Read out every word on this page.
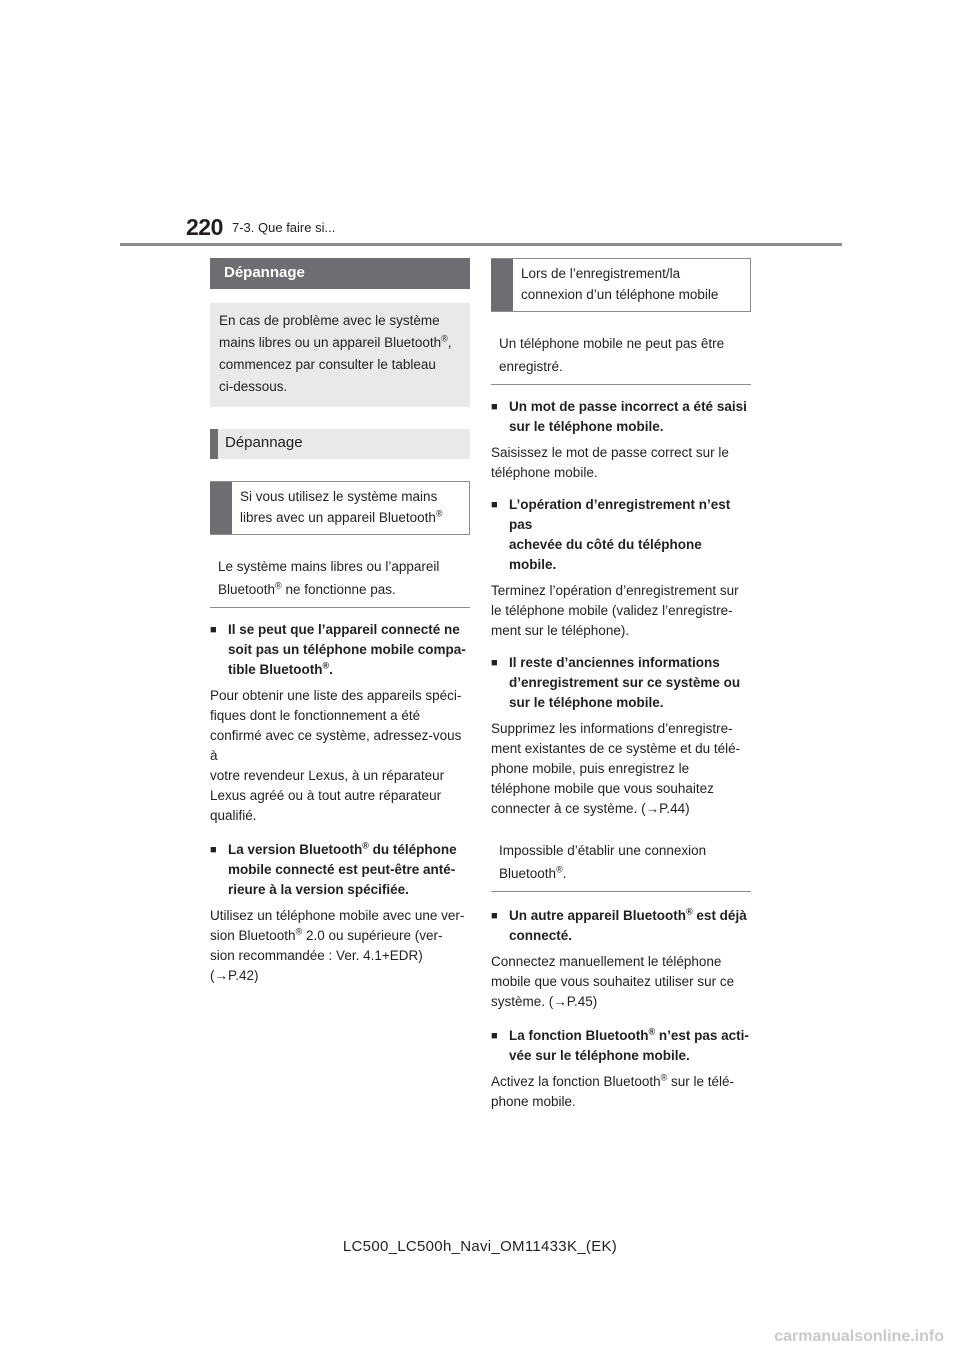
220 7-3. Que faire si...
Dépannage
En cas de problème avec le système
mains libres ou un appareil Bluetooth®,
commencez par consulter le tableau
ci-dessous.
Dépannage
Si vous utilisez le système mains
libres avec un appareil Bluetooth®
Le système mains libres ou l’appareil
Bluetooth® ne fonctionne pas.
■ Il se peut que l’appareil connecté ne
soit pas un téléphone mobile compa-
tible Bluetooth®.
Pour obtenir une liste des appareils spéci-
fiques dont le fonctionnement a été
confirmé avec ce système, adressez-vous à
votre revendeur Lexus, à un réparateur
Lexus agréé ou à tout autre réparateur
qualifié.
■ La version Bluetooth® du téléphone
mobile connecté est peut-être anté-
rieure à la version spécifiée.
Utilisez un téléphone mobile avec une ver-
sion Bluetooth® 2.0 ou supérieure (ver-
sion recommandée : Ver. 4.1+EDR)
(→P.42)
Lors de l’enregistrement/la
connexion d’un téléphone mobile
Un téléphone mobile ne peut pas être
enregistré.
■ Un mot de passe incorrect a été saisi
sur le téléphone mobile.
Saisissez le mot de passe correct sur le
téléphone mobile.
■ L’opération d’enregistrement n’est pas
achevée du côté du téléphone mobile.
Terminez l’opération d’enregistrement sur
le téléphone mobile (validez l’enregistre-
ment sur le téléphone).
■ Il reste d’anciennes informations
d’enregistrement sur ce système ou
sur le téléphone mobile.
Supprimez les informations d’enregistre-
ment existantes de ce système et du télé-
phone mobile, puis enregistrez le
téléphone mobile que vous souhaitez
connecter à ce système. (→P.44)
Impossible d’établir une connexion
Bluetooth®.
■ Un autre appareil Bluetooth® est déjà
connecté.
Connectez manuellement le téléphone
mobile que vous souhaitez utiliser sur ce
système. (→P.45)
■ La fonction Bluetooth® n’est pas acti-
vée sur le téléphone mobile.
Activez la fonction Bluetooth® sur le télé-
phone mobile.
LC500_LC500h_Navi_OM11433K_(EK)
carmanualsonline.info
